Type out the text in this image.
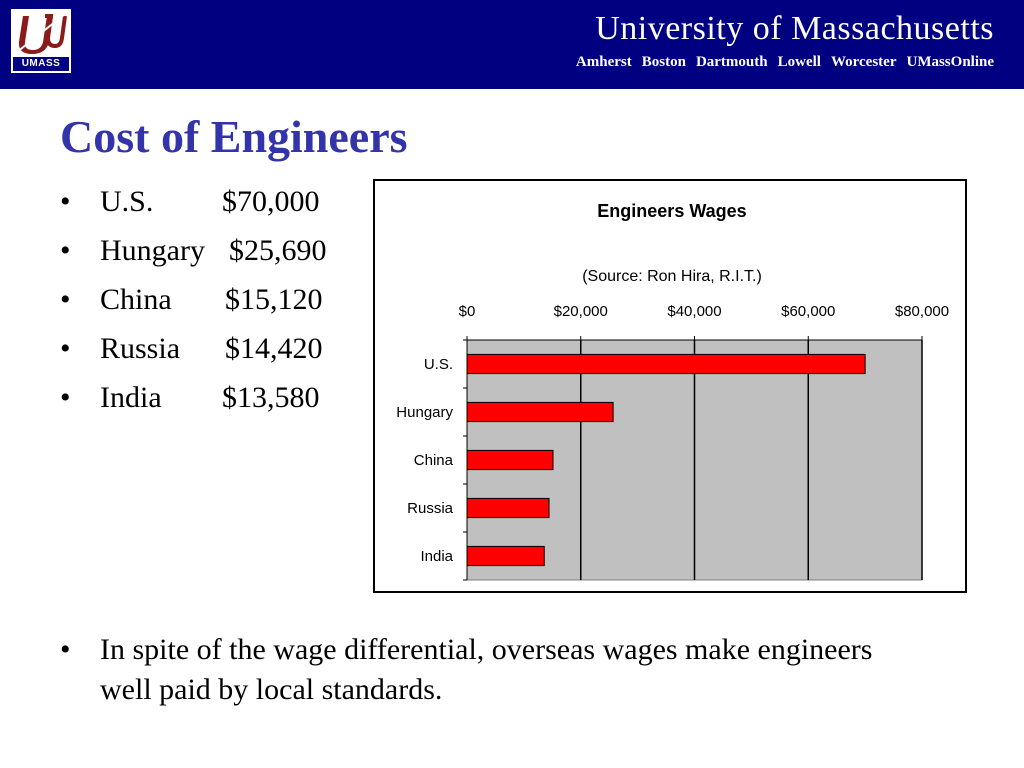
UMASS
University of Massachusetts
Amherst Boston Dartmouth Lowell Worcester UMassOnline
Cost of Engineers
• U.S.	$70,000
• Hungary $25,690
• China	$15,120
• Russia	$14,420
• India	$13,580
Engineers Wages
(Source: Ron Hira, R.I.T.)
$0	$20,000	$40,000	$60,000	$80,000
U.S.
Hungary
China
Russia
India
• In spite of the wage differential, overseas wages make engineers well paid by local standards.
